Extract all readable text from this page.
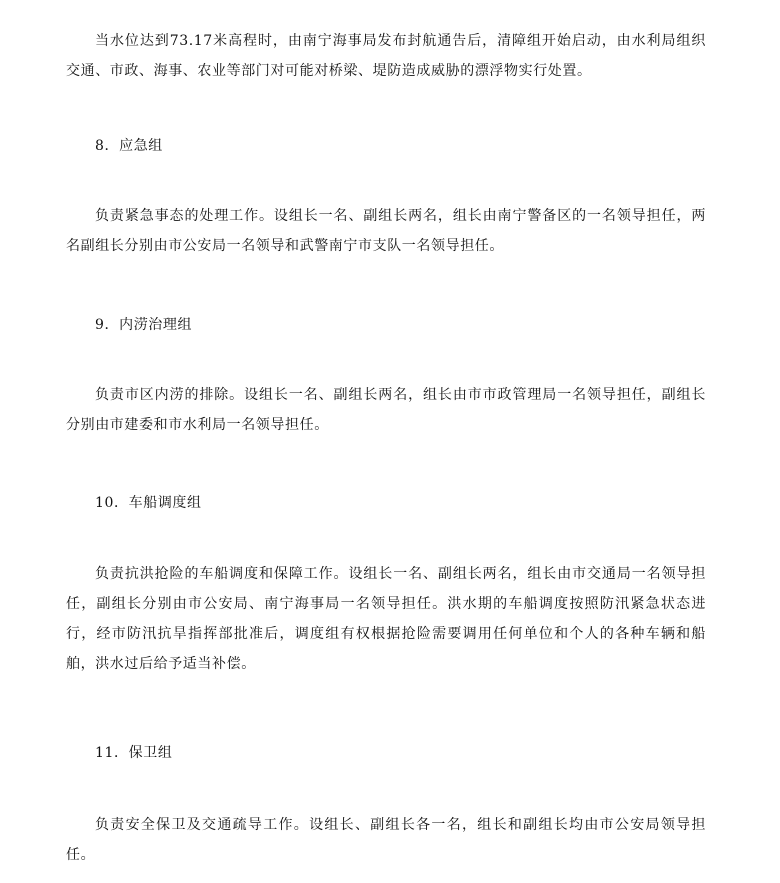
当水位达到73.17米高程时，由南宁海事局发布封航通告后，清障组开始启动，由水利局组织交通、市政、海事、农业等部门对可能对桥梁、堤防造成威胁的漂浮物实行处置。

8．应急组

负责紧急事态的处理工作。设组长一名、副组长两名，组长由南宁警备区的一名领导担任，两名副组长分别由市公安局一名领导和武警南宁市支队一名领导担任。

9．内涝治理组

负责市区内涝的排除。设组长一名、副组长两名，组长由市市政管理局一名领导担任，副组长分别由市建委和市水利局一名领导担任。

10．车船调度组

负责抗洪抢险的车船调度和保障工作。设组长一名、副组长两名，组长由市交通局一名领导担任，副组长分别由市公安局、南宁海事局一名领导担任。洪水期的车船调度按照防汛紧急状态进行，经市防汛抗旱指挥部批准后，调度组有权根据抢险需要调用任何单位和个人的各种车辆和船舶，洪水过后给予适当补偿。

11．保卫组

负责安全保卫及交通疏导工作。设组长、副组长各一名，组长和副组长均由市公安局领导担任。
